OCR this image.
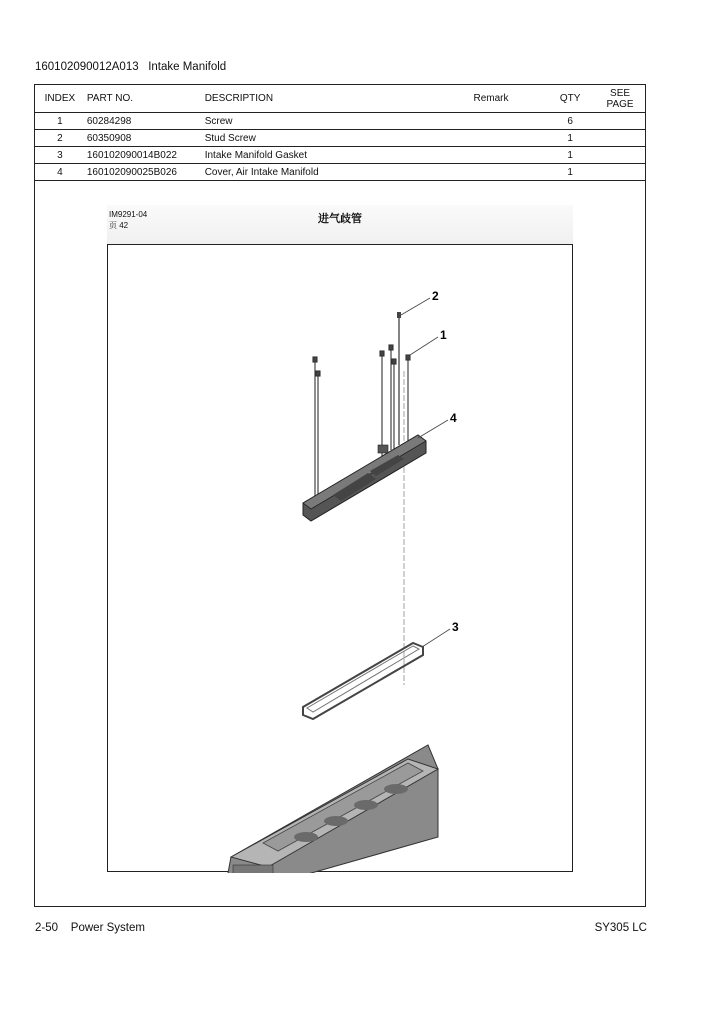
160102090012A013   Intake Manifold
INDEX	PART NO.	DESCRIPTION	Remark	QTY	SEE
PAGE
1	60284298	Screw		6	
2	60350908	Stud Screw		1	
3	160102090014B022	Intake Manifold Gasket		1	
4	160102090025B026	Cover, Air Intake Manifold		1	
IM9291-04
页 42
进气歧管
2
1
4
3
2-50    Power System	SY305 LC
